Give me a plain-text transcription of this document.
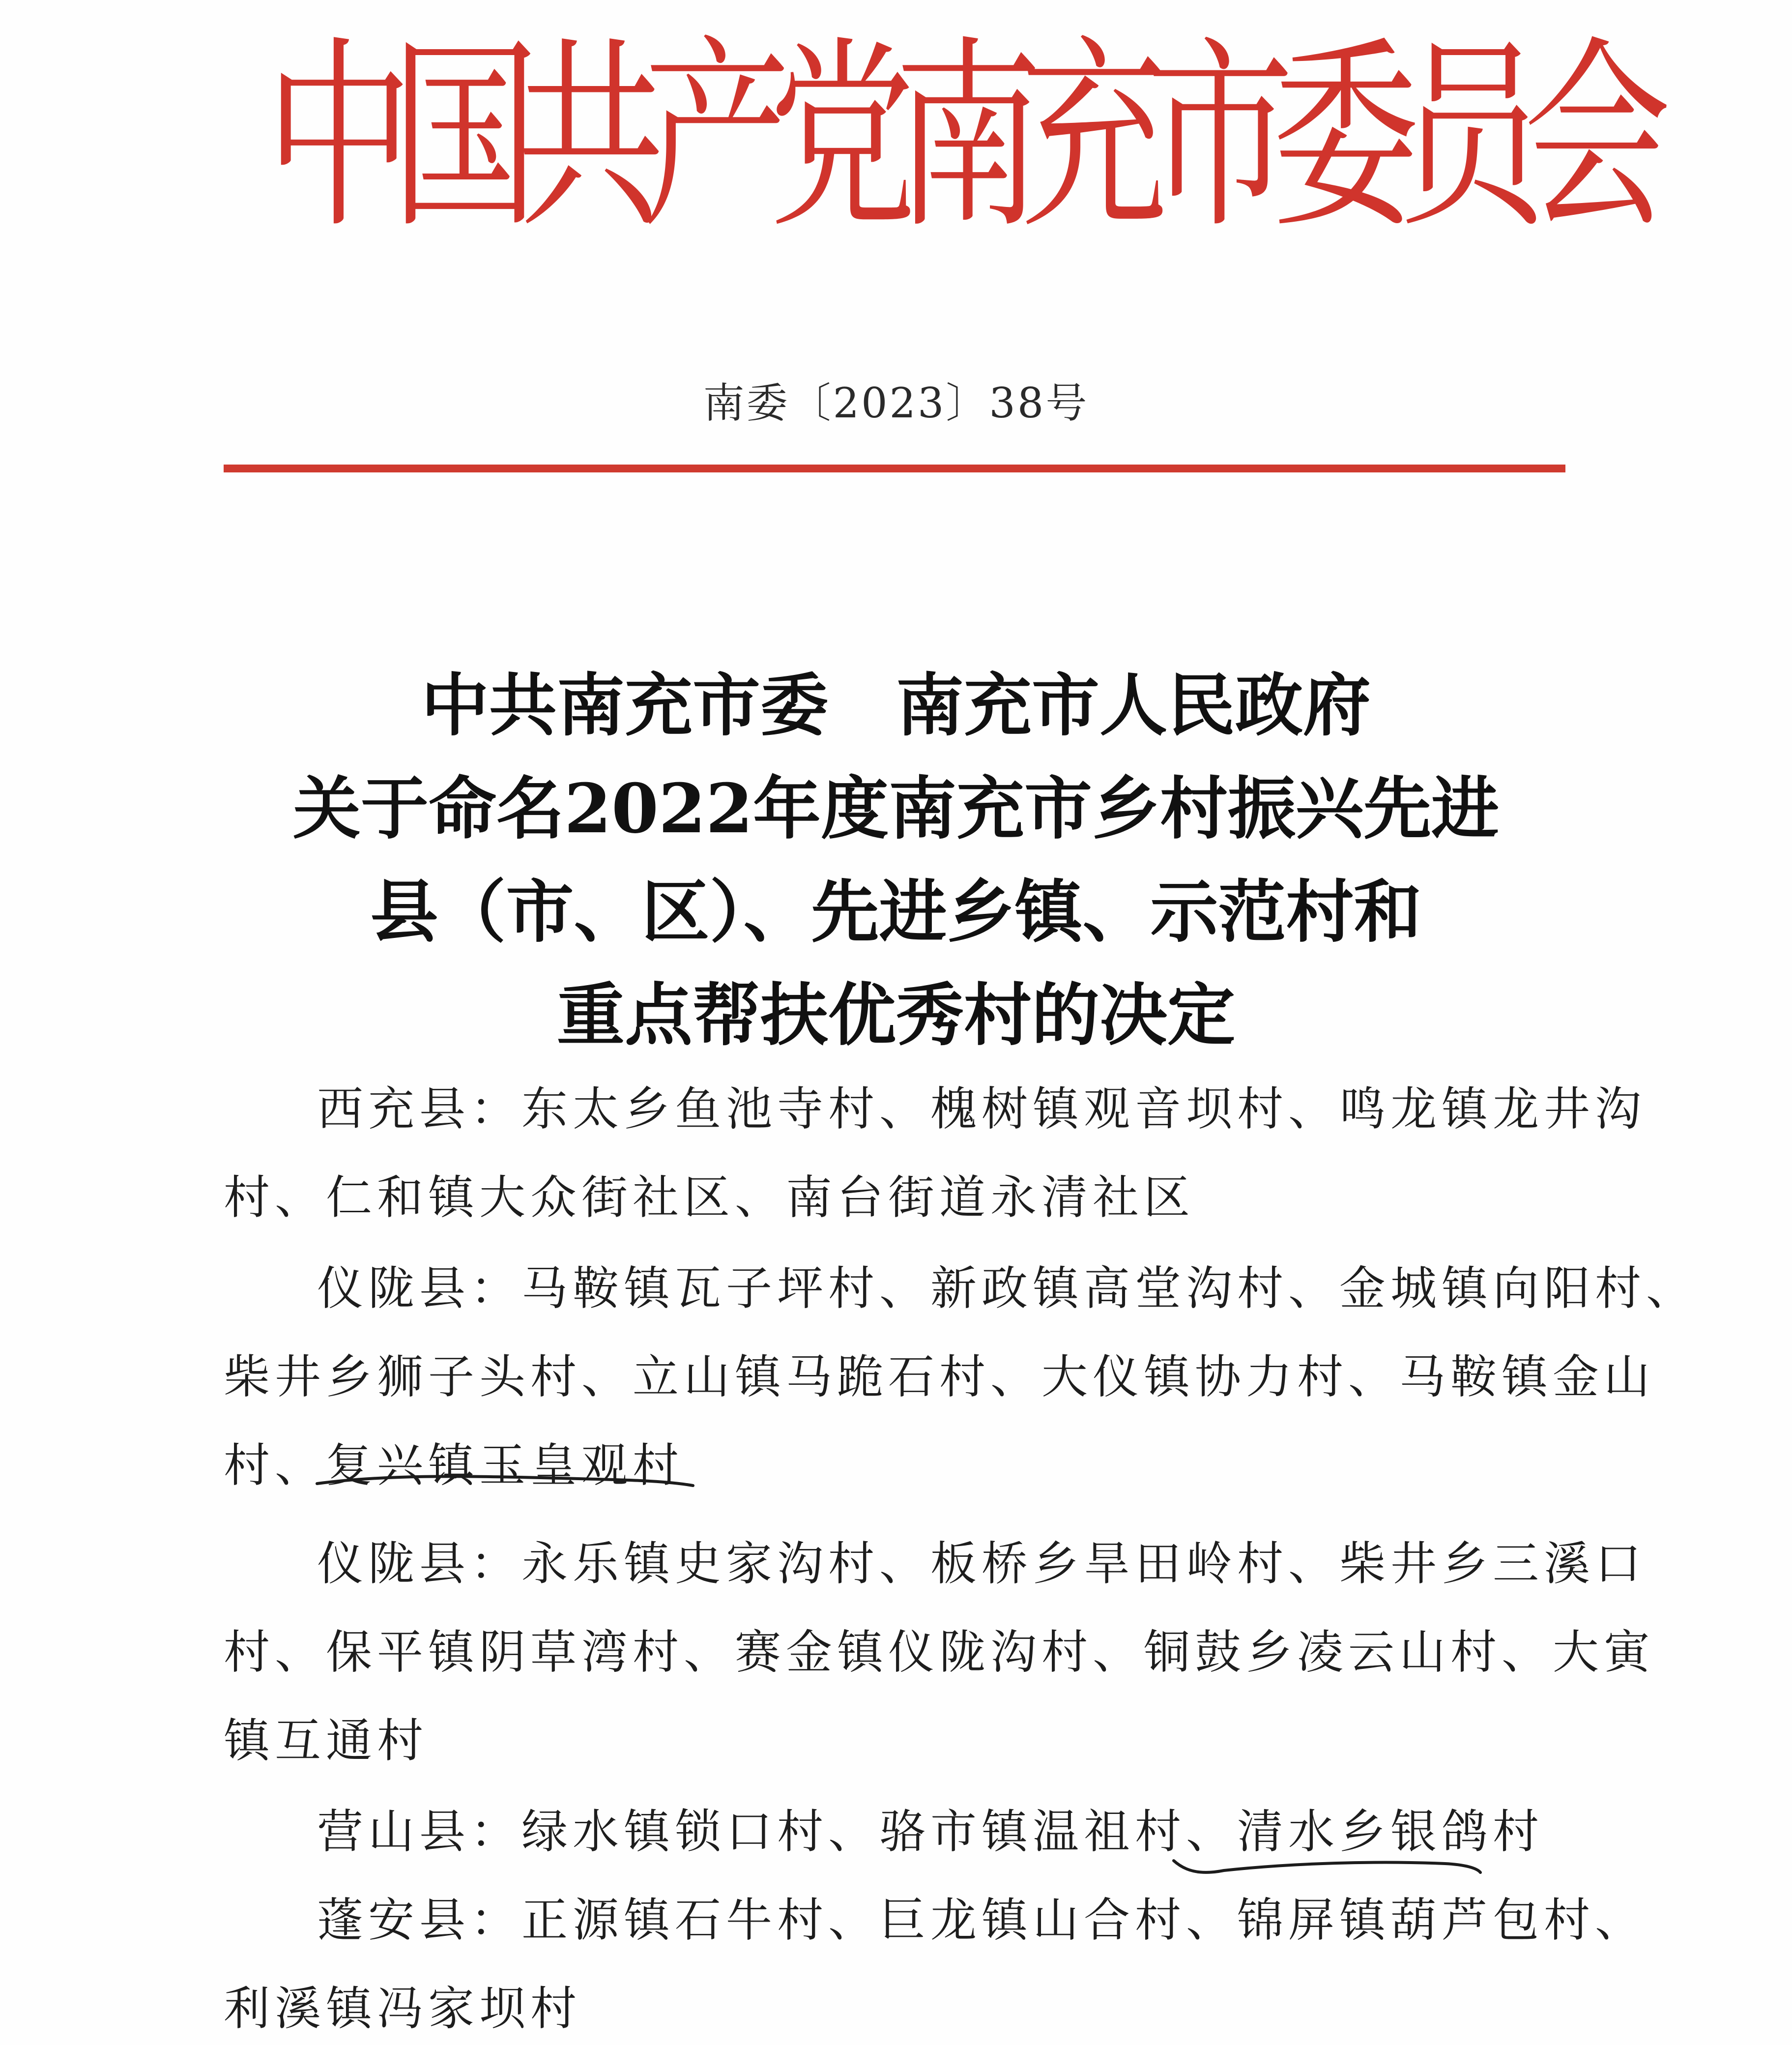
中
国
共
产
党
南
充
市
委
员
会
南委〔2023〕38号
中共南充市委　南充市人民政府
关于命名2022年度南充市乡村振兴先进
县（市、区）、先进乡镇、示范村和
重点帮扶优秀村的决定
西充县：东太乡鱼池寺村、槐树镇观音坝村、鸣龙镇龙井沟
村、仁和镇大众街社区、南台街道永清社区
仪陇县：马鞍镇瓦子坪村、新政镇高堂沟村、金城镇向阳村、
柴井乡狮子头村、立山镇马跪石村、大仪镇协力村、马鞍镇金山
村、复兴镇玉皇观村
仪陇县：永乐镇史家沟村、板桥乡旱田岭村、柴井乡三溪口
村、保平镇阴草湾村、赛金镇仪陇沟村、铜鼓乡凌云山村、大寅
镇互通村
营山县：绿水镇锁口村、骆市镇温祖村、清水乡银鸽村
蓬安县：正源镇石牛村、巨龙镇山合村、锦屏镇葫芦包村、
利溪镇冯家坝村
